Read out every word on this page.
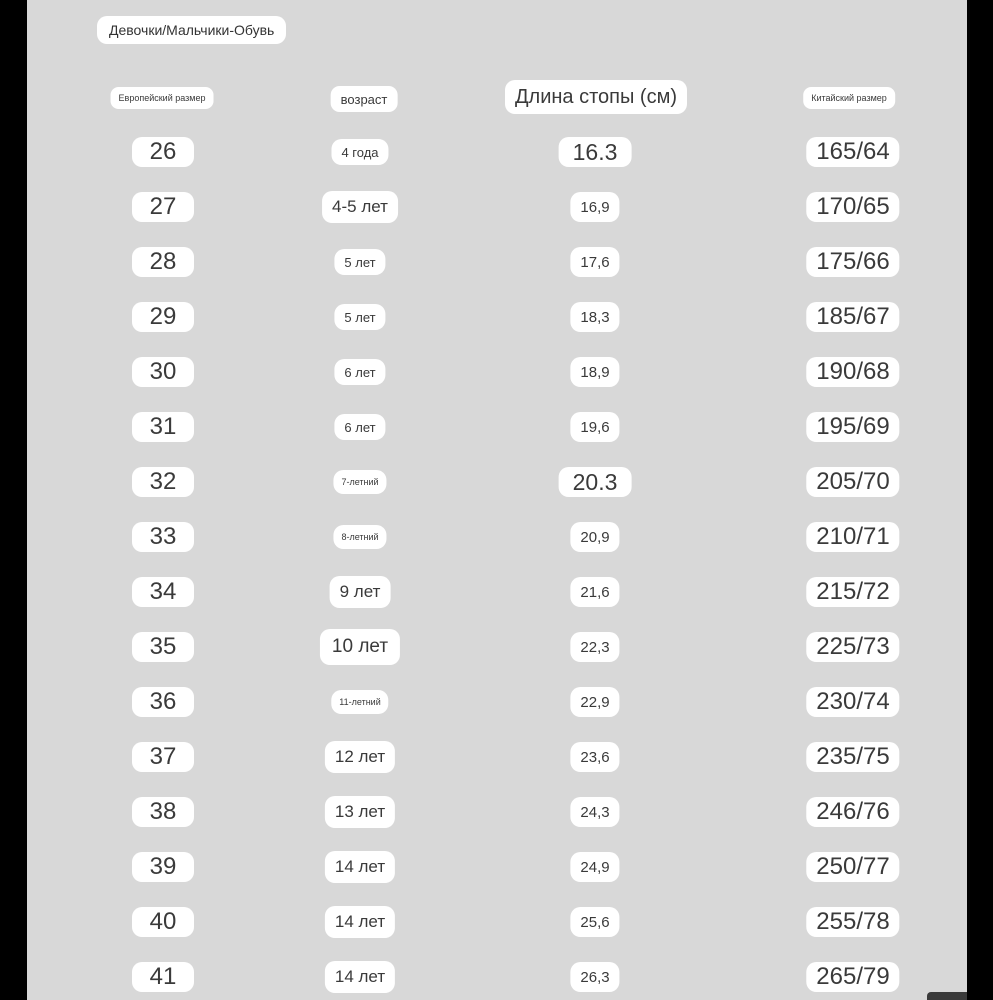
Девочки/Мальчики-Обувь
Европейский размер	возраст	Длина стопы (см)	Китайский размер
26	4 года	16.3	165/64
27	4-5 лет	16,9	170/65
28	5 лет	17,6	175/66
29	5 лет	18,3	185/67
30	6 лет	18,9	190/68
31	6 лет	19,6	195/69
32	7-летний	20.3	205/70
33	8-летний	20,9	210/71
34	9 лет	21,6	215/72
35	10 лет	22,3	225/73
36	11-летний	22,9	230/74
37	12 лет	23,6	235/75
38	13 лет	24,3	246/76
39	14 лет	24,9	250/77
40	14 лет	25,6	255/78
41	14 лет	26,3	265/79
